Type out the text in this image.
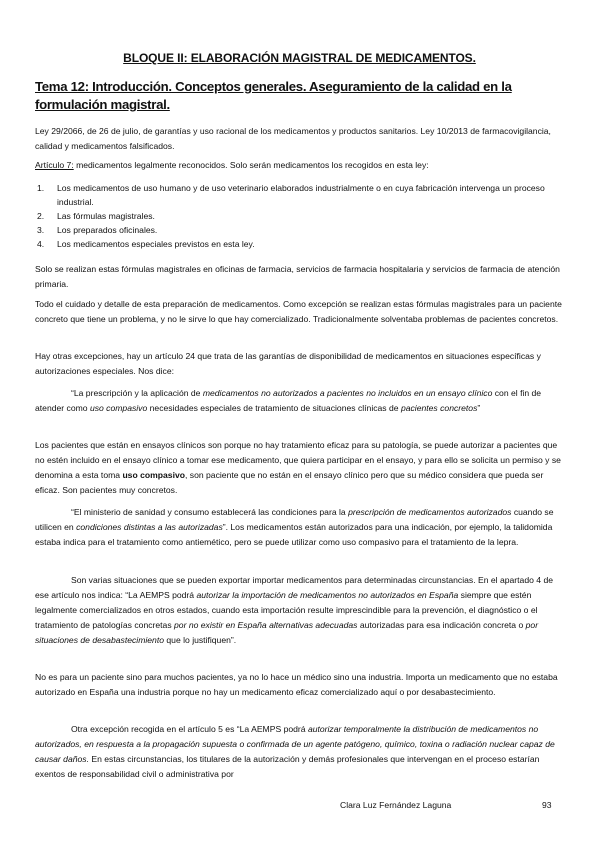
BLOQUE II: ELABORACIÓN MAGISTRAL DE MEDICAMENTOS.
Tema 12: Introducción. Conceptos generales. Aseguramiento de la calidad en la formulación magistral.

Ley 29/2066, de 26 de julio, de garantías y uso racional de los medicamentos y productos sanitarios. Ley 10/2013 de farmacovigilancia, calidad y medicamentos falsificados.

Artículo 7: medicamentos legalmente reconocidos. Solo serán medicamentos los recogidos en esta ley:

1. Los medicamentos de uso humano y de uso veterinario elaborados industrialmente o en cuya fabricación intervenga un proceso industrial.
2. Las fórmulas magistrales.
3. Los preparados oficinales.
4. Los medicamentos especiales previstos en esta ley.

Solo se realizan estas fórmulas magistrales en oficinas de farmacia, servicios de farmacia hospitalaria y servicios de farmacia de atención primaria.

Todo el cuidado y detalle de esta preparación de medicamentos. Como excepción se realizan estas fórmulas magistrales para un paciente concreto que tiene un problema, y no le sirve lo que hay comercializado. Tradicionalmente solventaba problemas de pacientes concretos.

Hay otras excepciones, hay un artículo 24 que trata de las garantías de disponibilidad de medicamentos en situaciones específicas y autorizaciones especiales. Nos dice:

“La prescripción y la aplicación de medicamentos no autorizados a pacientes no incluidos en un ensayo clínico con el fin de atender como uso compasivo necesidades especiales de tratamiento de situaciones clínicas de pacientes concretos”

Los pacientes que están en ensayos clínicos son porque no hay tratamiento eficaz para su patología, se puede autorizar a pacientes que no estén incluido en el ensayo clínico a tomar ese medicamento, que quiera participar en el ensayo, y para ello se solicita un permiso y se denomina a esta toma uso compasivo, son paciente que no están en el ensayo clínico pero que su médico considera que pueda ser eficaz. Son pacientes muy concretos.

“El ministerio de sanidad y consumo establecerá las condiciones para la prescripción de medicamentos autorizados cuando se utilicen en condiciones distintas a las autorizadas”. Los medicamentos están autorizados para una indicación, por ejemplo, la talidomida estaba indica para el tratamiento como antiemético, pero se puede utilizar como uso compasivo para el tratamiento de la lepra.

Son varias situaciones que se pueden exportar importar medicamentos para determinadas circunstancias. En el apartado 4 de ese artículo nos indica: “La AEMPS podrá autorizar la importación de medicamentos no autorizados en España siempre que estén legalmente comercializados en otros estados, cuando esta importación resulte imprescindible para la prevención, el diagnóstico o el tratamiento de patologías concretas por no existir en España alternativas adecuadas autorizadas para esa indicación concreta o por situaciones de desabastecimiento que lo justifiquen”.

No es para un paciente sino para muchos pacientes, ya no lo hace un médico sino una industria. Importa un medicamento que no estaba autorizado en España una industria porque no hay un medicamento eficaz comercializado aquí o por desabastecimiento.

Otra excepción recogida en el artículo 5 es “La AEMPS podrá autorizar temporalmente la distribución de medicamentos no autorizados, en respuesta a la propagación supuesta o confirmada de un agente patógeno, químico, toxina o radiación nuclear capaz de causar daños. En estas circunstancias, los titulares de la autorización y demás profesionales que intervengan en el proceso estarían exentos de responsabilidad civil o administrativa por

Clara Luz Fernández Laguna	93
